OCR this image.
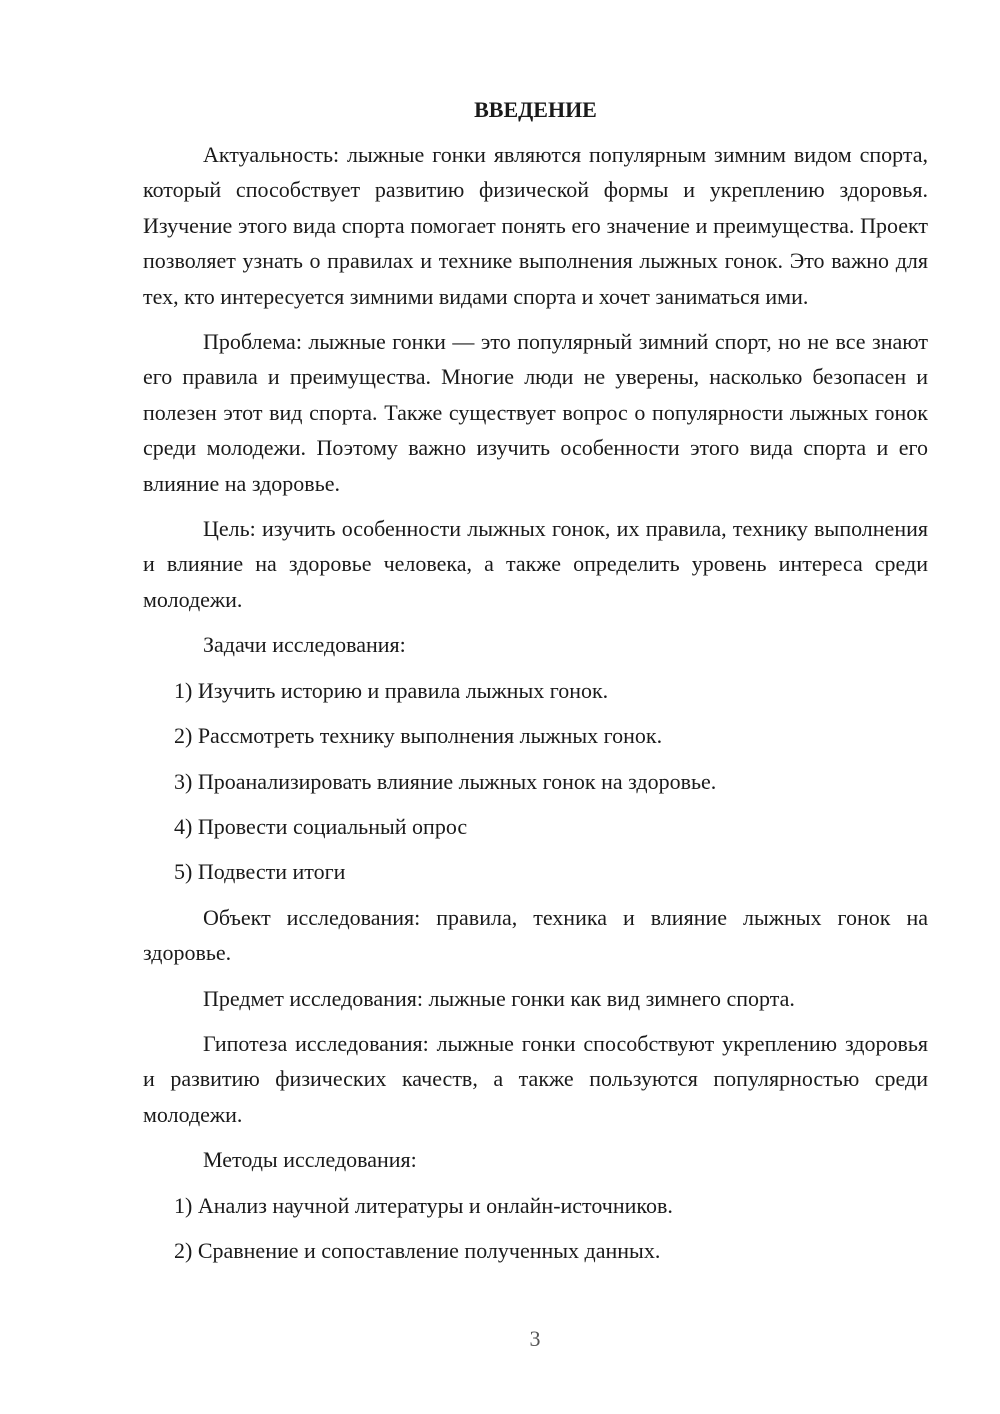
ВВЕДЕНИЕ

Актуальность: лыжные гонки являются популярным зимним видом спорта, который способствует развитию физической формы и укреплению здоровья. Изучение этого вида спорта помогает понять его значение и преимущества. Проект позволяет узнать о правилах и технике выполнения лыжных гонок. Это важно для тех, кто интересуется зимними видами спорта и хочет заниматься ими.

Проблема: лыжные гонки — это популярный зимний спорт, но не все знают его правила и преимущества. Многие люди не уверены, насколько безопасен и полезен этот вид спорта. Также существует вопрос о популярности лыжных гонок среди молодежи. Поэтому важно изучить особенности этого вида спорта и его влияние на здоровье.

Цель: изучить особенности лыжных гонок, их правила, технику выполнения и влияние на здоровье человека, а также определить уровень интереса среди молодежи.

Задачи исследования:

1) Изучить историю и правила лыжных гонок.
2) Рассмотреть технику выполнения лыжных гонок.
3) Проанализировать влияние лыжных гонок на здоровье.
4) Провести социальный опрос
5) Подвести итоги

Объект исследования: правила, техника и влияние лыжных гонок на здоровье.

Предмет исследования: лыжные гонки как вид зимнего спорта.

Гипотеза исследования: лыжные гонки способствуют укреплению здоровья и развитию физических качеств, а также пользуются популярностью среди молодежи.

Методы исследования:

1) Анализ научной литературы и онлайн-источников.
2) Сравнение и сопоставление полученных данных.
3
